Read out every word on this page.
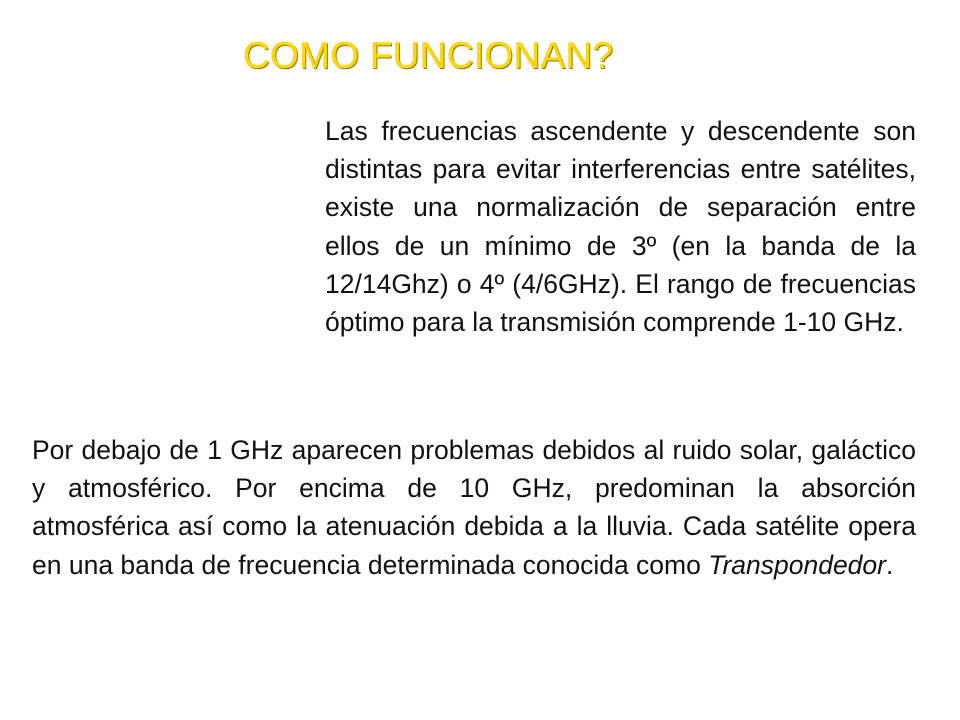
COMO FUNCIONAN?

Las frecuencias ascendente y descendente son distintas para evitar interferencias entre satélites, existe una normalización de separación entre ellos de un mínimo de 3º (en la banda de la 12/14Ghz) o 4º (4/6GHz). El rango de frecuencias óptimo para la transmisión comprende 1-10 GHz.

Por debajo de 1 GHz aparecen problemas debidos al ruido solar, galáctico y atmosférico. Por encima de 10 GHz, predominan la absorción atmosférica así como la atenuación debida a la lluvia. Cada satélite opera en una banda de frecuencia determinada conocida como Transpondedor.
